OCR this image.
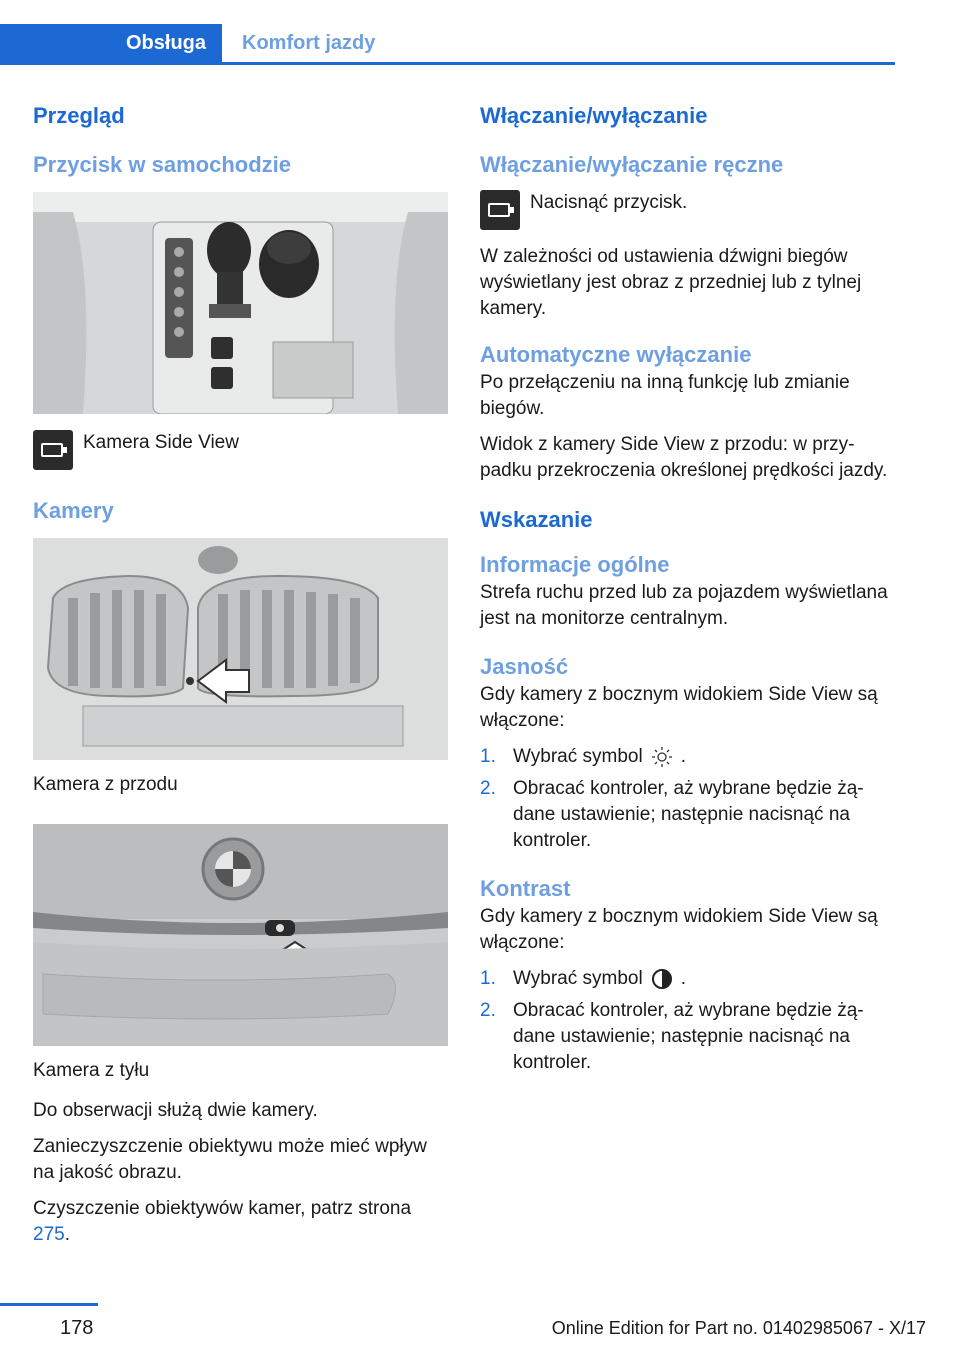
Obsługa	Komfort jazdy
Przegląd
Przycisk w samochodzie
Kamera Side View
Kamery

Kamera z przodu

Kamera z tyłu

Do obserwacji służą dwie kamery.

Zanieczyszczenie obiektywu może mieć wpływ na jakość obrazu.

Czyszczenie obiektywów kamer, patrz strona 275.

Włączanie/wyłączanie
Włączanie/wyłączanie ręczne
Nacisnąć przycisk.

W zależności od ustawienia dźwigni biegów wyświetlany jest obraz z przedniej lub z tylnej kamery.

Automatyczne wyłączanie

Po przełączeniu na inną funkcję lub zmianie biegów.

Widok z kamery Side View z przodu: w przypadku przekroczenia określonej prędkości jazdy.

Wskazanie
Informacje ogólne

Strefa ruchu przed lub za pojazdem wyświetlana jest na monitorze centralnym.

Jasność

Gdy kamery z bocznym widokiem Side View są włączone:

1. Wybrać symbol .
2. Obracać kontroler, aż wybrane będzie żądane ustawienie; następnie nacisnąć na kontroler.
Kontrast

Gdy kamery z bocznym widokiem Side View są włączone:

1. Wybrać symbol .
2. Obracać kontroler, aż wybrane będzie żądane ustawienie; następnie nacisnąć na kontroler.
178	Online Edition for Part no. 01402985067 - X/17
